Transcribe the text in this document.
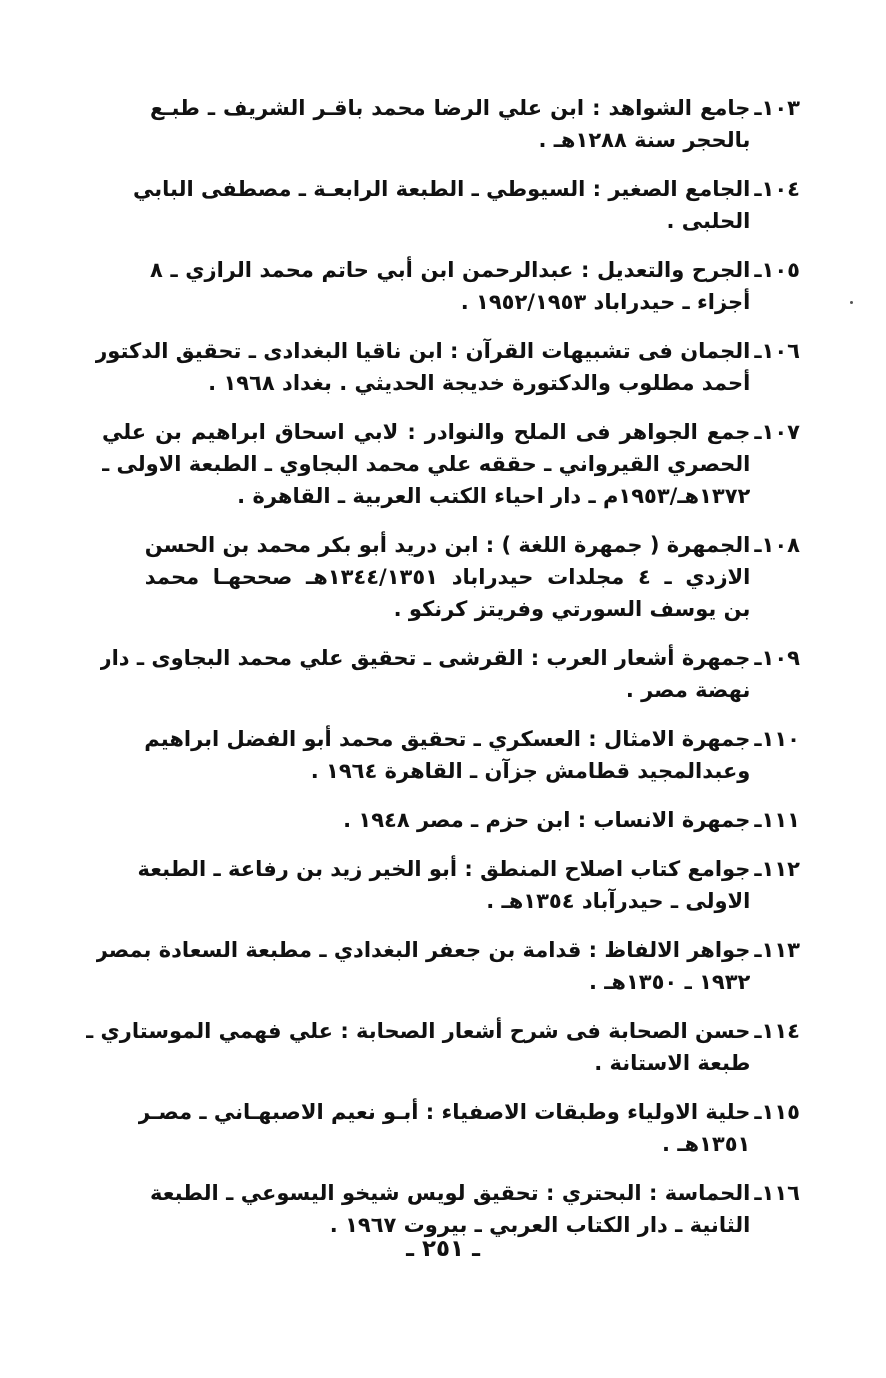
١٠٣ـ
جامع الشواهد : ابن علي الرضا محمد باقـر الشريف ـ طبـع
بالحجر سنة ١٢٨٨هـ .
١٠٤ـ
الجامع الصغير : السيوطي ـ الطبعة الرابعـة ـ مصطفى البابي
الحلبى .
١٠٥ـ
الجرح والتعديل : عبدالرحمن ابن أبي حاتم محمد الرازي ـ ٨
أجزاء ـ حيدراباد ١٩٥٢/١٩٥٣ .
١٠٦ـ
الجمان فى تشبيهات القرآن : ابن ناقيا البغدادى ـ تحقيق الدكتور
أحمد مطلوب والدكتورة خديجة الحديثي . بغداد ١٩٦٨ .
١٠٧ـ
جمع الجواهر فى الملح والنوادر : لابي اسحاق ابراهيم بن علي
الحصري القيرواني ـ حققه علي محمد البجاوي ـ الطبعة الاولى ـ
١٣٧٢هـ/١٩٥٣م ـ دار احياء الكتب العربية ـ القاهرة .
١٠٨ـ
الجمهرة ( جمهرة اللغة ) : ابن دريد أبو بكر محمد بن الحسن
الازدي ـ ٤ مجلدات حيدراباد ١٣٤٤/١٣٥١هـ صححهـا محمد
بن يوسف السورتي وفريتز كرنكو .
١٠٩ـ
جمهرة أشعار العرب : القرشى ـ تحقيق علي محمد البجاوى ـ دار
نهضة مصر .
١١٠ـ
جمهرة الامثال : العسكري ـ تحقيق محمد أبو الفضل ابراهيم
وعبدالمجيد قطامش جزآن ـ القاهرة ١٩٦٤ .
١١١ـ
جمهرة الانساب : ابن حزم ـ مصر ١٩٤٨ .
١١٢ـ
جوامع كتاب اصلاح المنطق : أبو الخير زيد بن رفاعة ـ الطبعة
الاولى ـ حيدرآباد ١٣٥٤هـ .
١١٣ـ
جواهر الالفاظ : قدامة بن جعفر البغدادي ـ مطبعة السعادة بمصر
١٩٣٢ ـ ١٣٥٠هـ .
١١٤ـ
حسن الصحابة فى شرح أشعار الصحابة : علي فهمي الموستاري ـ
طبعة الاستانة .
١١٥ـ
حلية الاولياء وطبقات الاصفياء : أبـو نعيم الاصبهـاني ـ مصـر
١٣٥١هـ .
١١٦ـ
الحماسة : البحتري : تحقيق لويس شيخو اليسوعي ـ الطبعة
الثانية ـ دار الكتاب العربي ـ بيروت ١٩٦٧ .
ـ ٢٥١ ـ
